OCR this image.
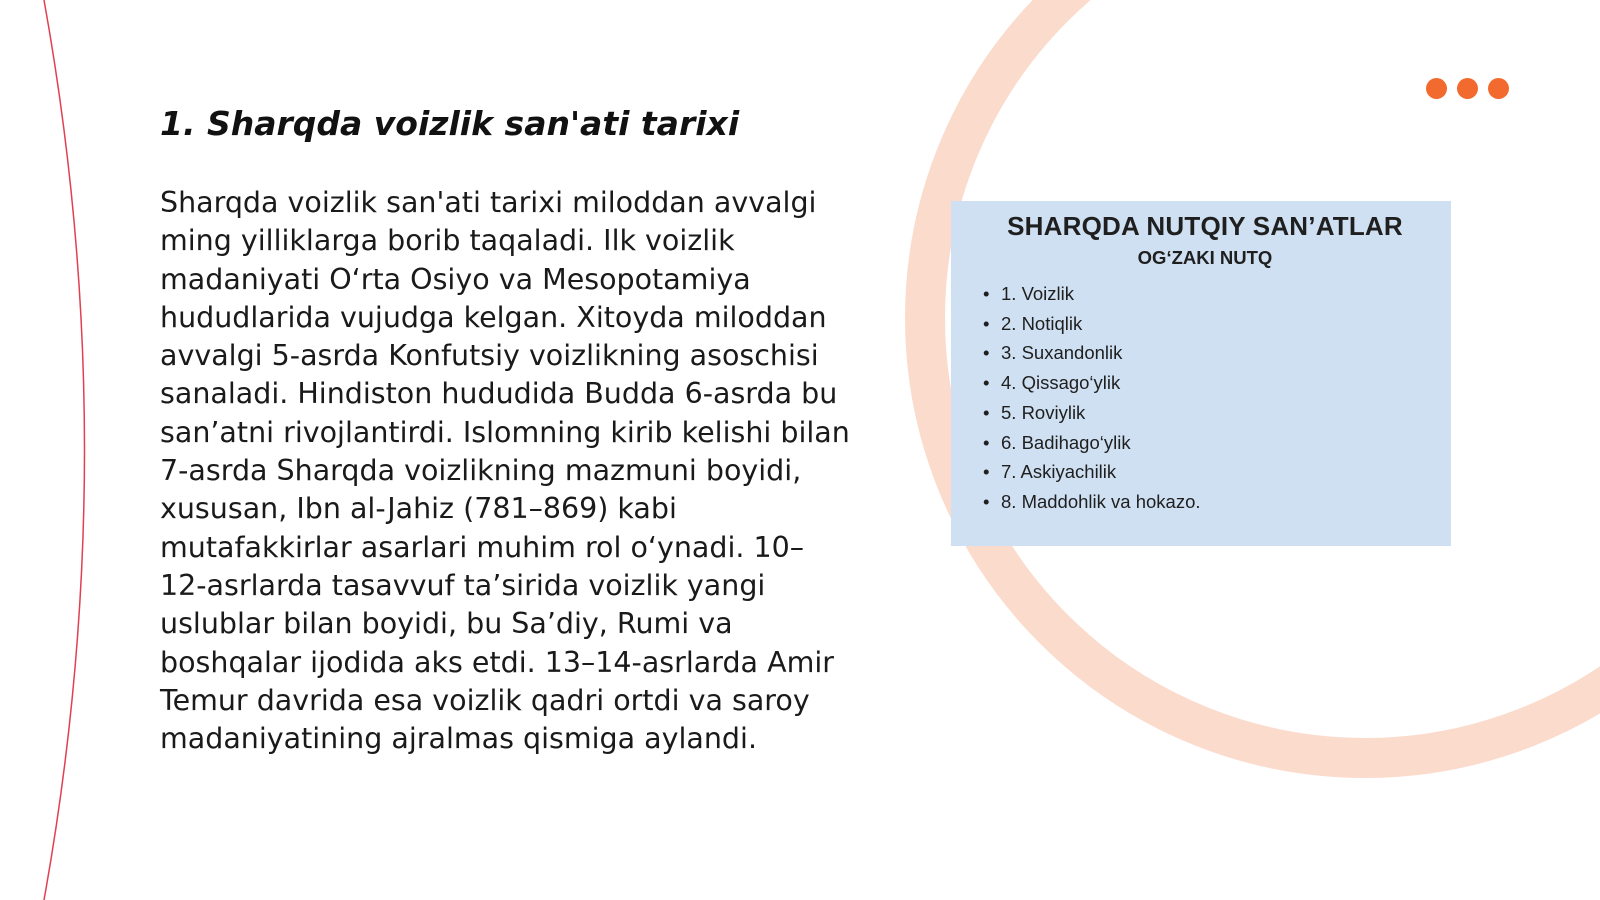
1. Sharqda voizlik san'ati tarixi

Sharqda voizlik san'ati tarixi miloddan avvalgi ming yilliklarga borib taqaladi. Ilk voizlik madaniyati O‘rta Osiyo va Mesopotamiya hududlarida vujudga kelgan. Xitoyda miloddan avvalgi 5-asrda Konfutsiy voizlikning asoschisi sanaladi. Hindiston hududida Budda 6-asrda bu san’atni rivojlantirdi. Islomning kirib kelishi bilan 7-asrda Sharqda voizlikning mazmuni boyidi, xususan, Ibn al-Jahiz (781–869) kabi mutafakkirlar asarlari muhim rol o‘ynadi. 10–12-asrlarda tasavvuf ta’sirida voizlik yangi uslublar bilan boyidi, bu Sa’diy, Rumi va boshqalar ijodida aks etdi. 13–14-asrlarda Amir Temur davrida esa voizlik qadri ortdi va saroy madaniyatining ajralmas qismiga aylandi.

SHARQDA NUTQIY SAN’ATLAR
OG‘ZAKI NUTQ
• 1. Voizlik
• 2. Notiqlik
• 3. Suxandonlik
• 4. Qissago‘ylik
• 5. Roviylik
• 6. Badihago‘ylik
• 7. Askiyachilik
• 8. Maddohlik va hokazo.
